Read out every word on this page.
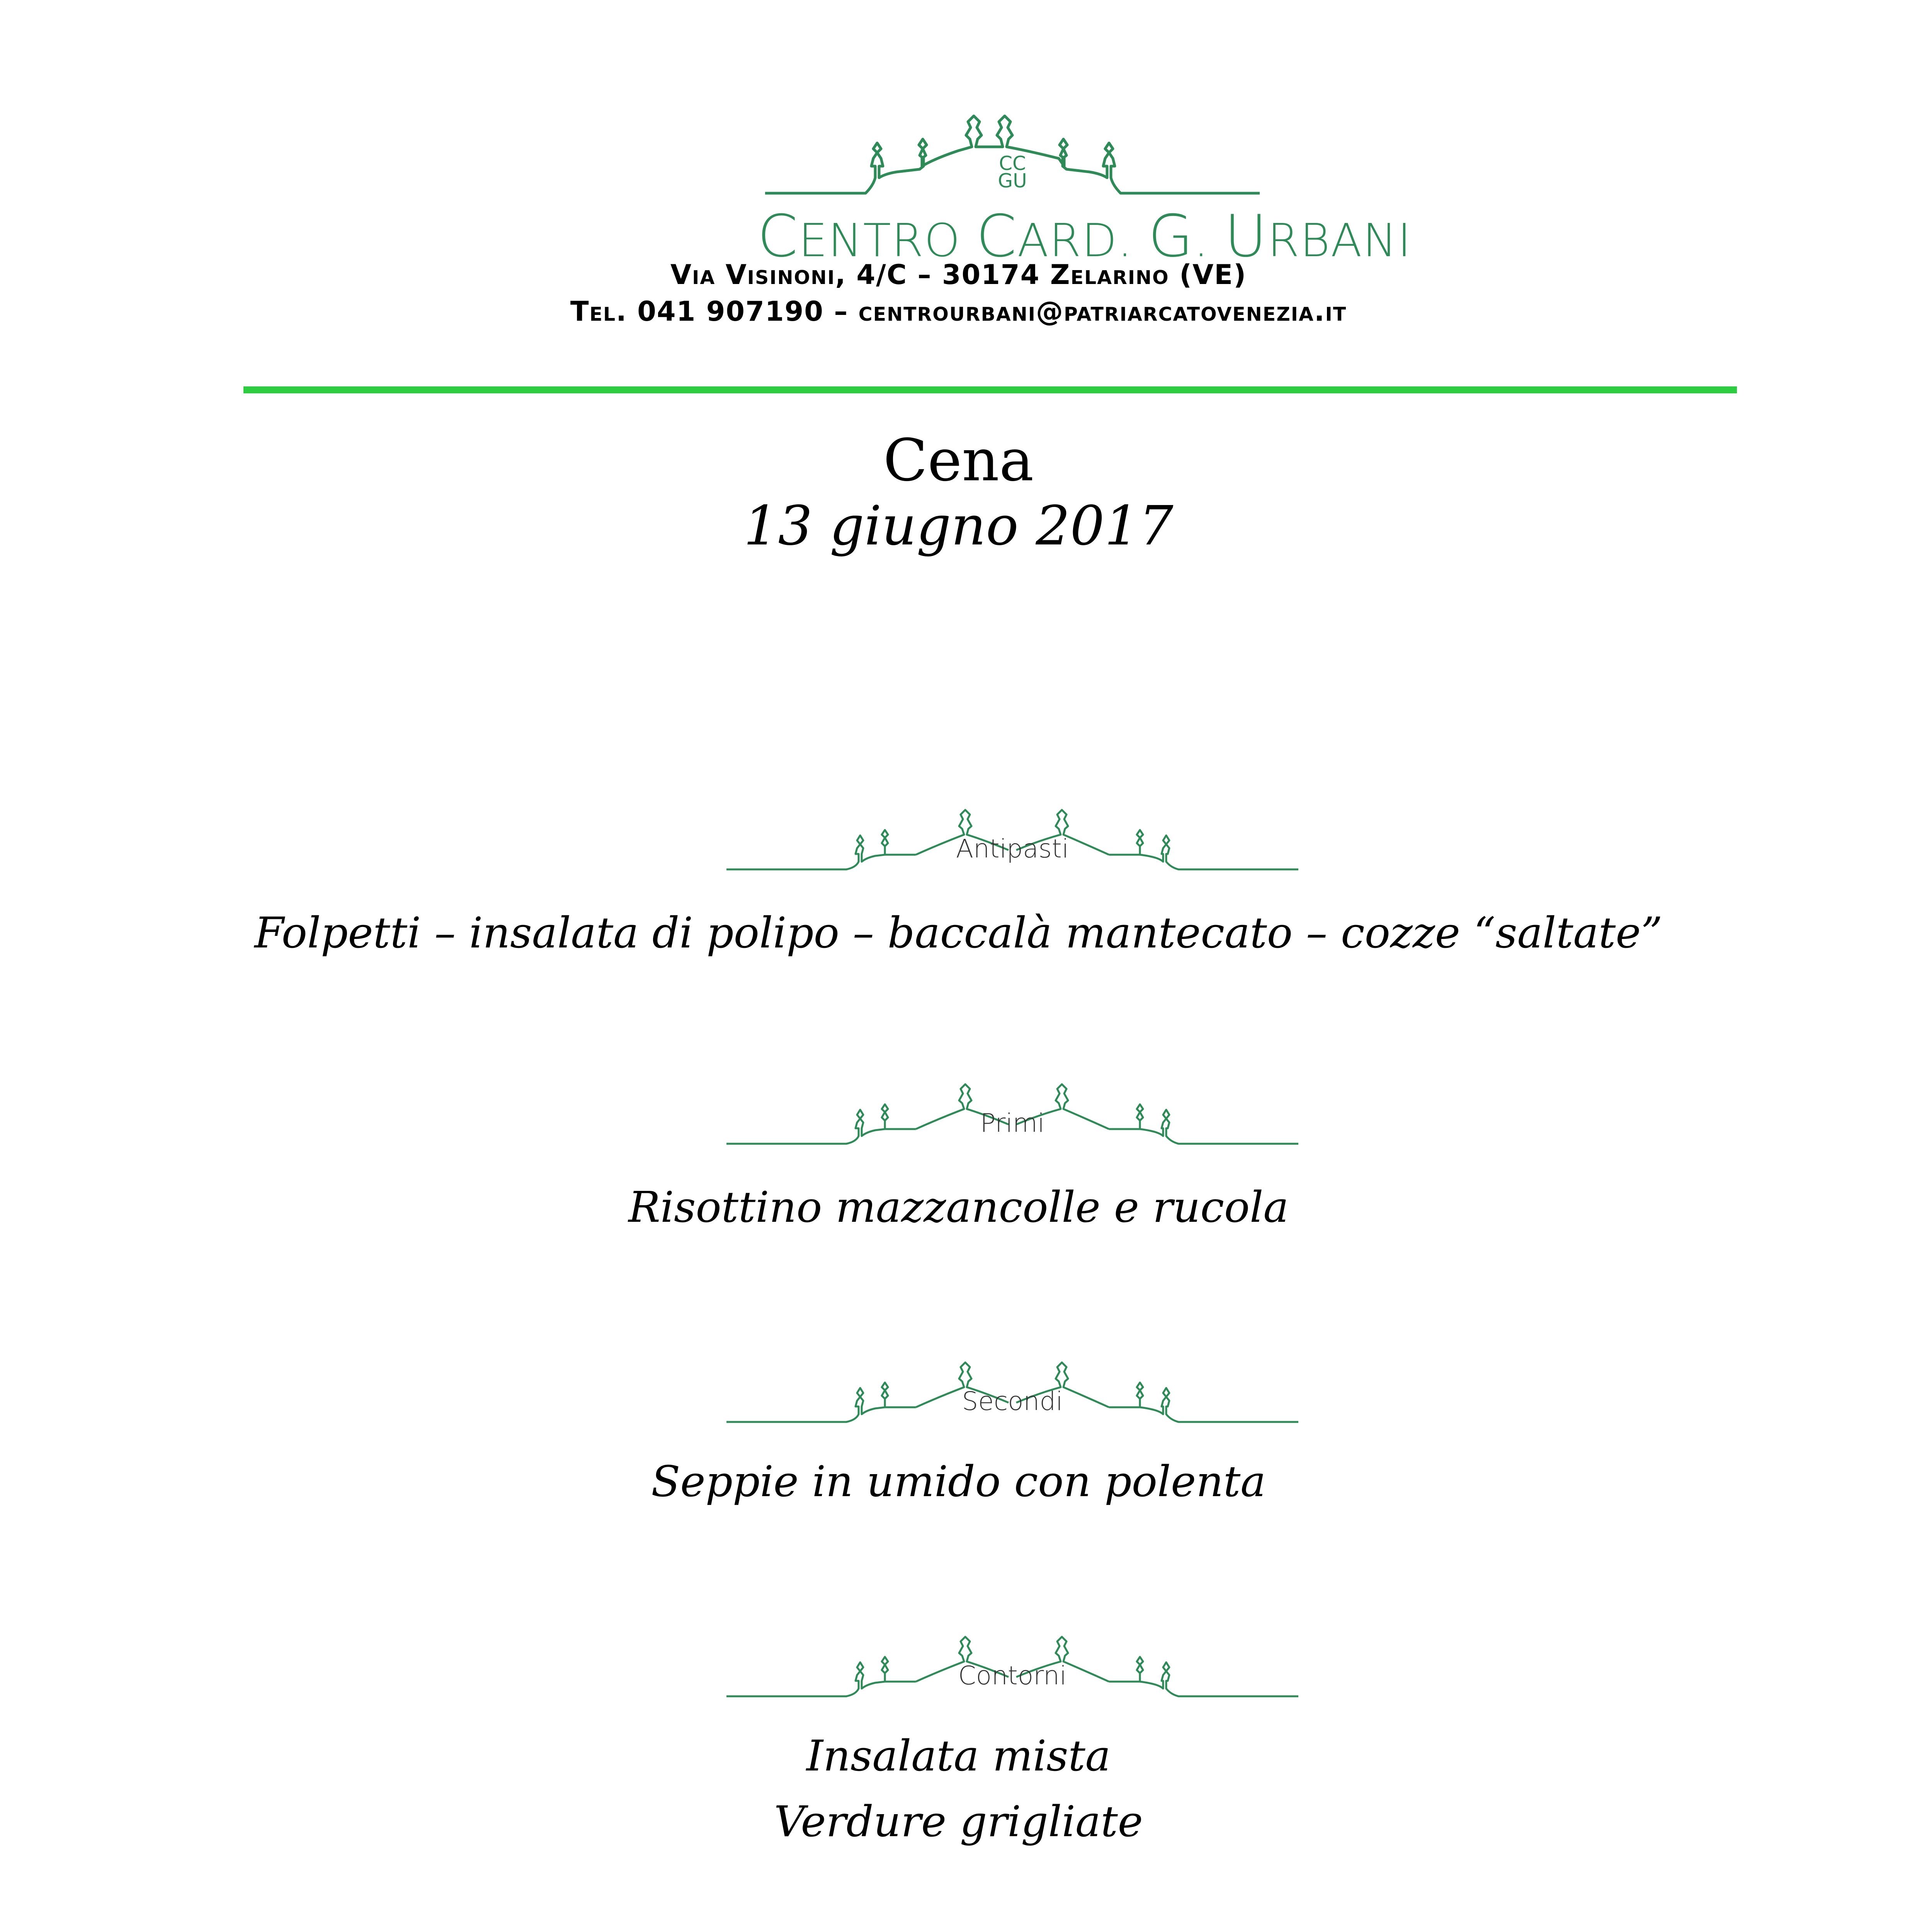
CC
GU
CENTRO CARD. G. URBANI
Via Visinoni, 4/C – 30174 Zelarino (VE)
Tel. 041 907190 – centrourbani@patriarcatovenezia.it
Cena
13 giugno 2017
Antipasti
Folpetti – insalata di polipo – baccalà mantecato – cozze “saltate”
Primi
Risottino mazzancolle e rucola
Secondi
Seppie in umido con polenta
Contorni
Insalata mista
Verdure grigliate
